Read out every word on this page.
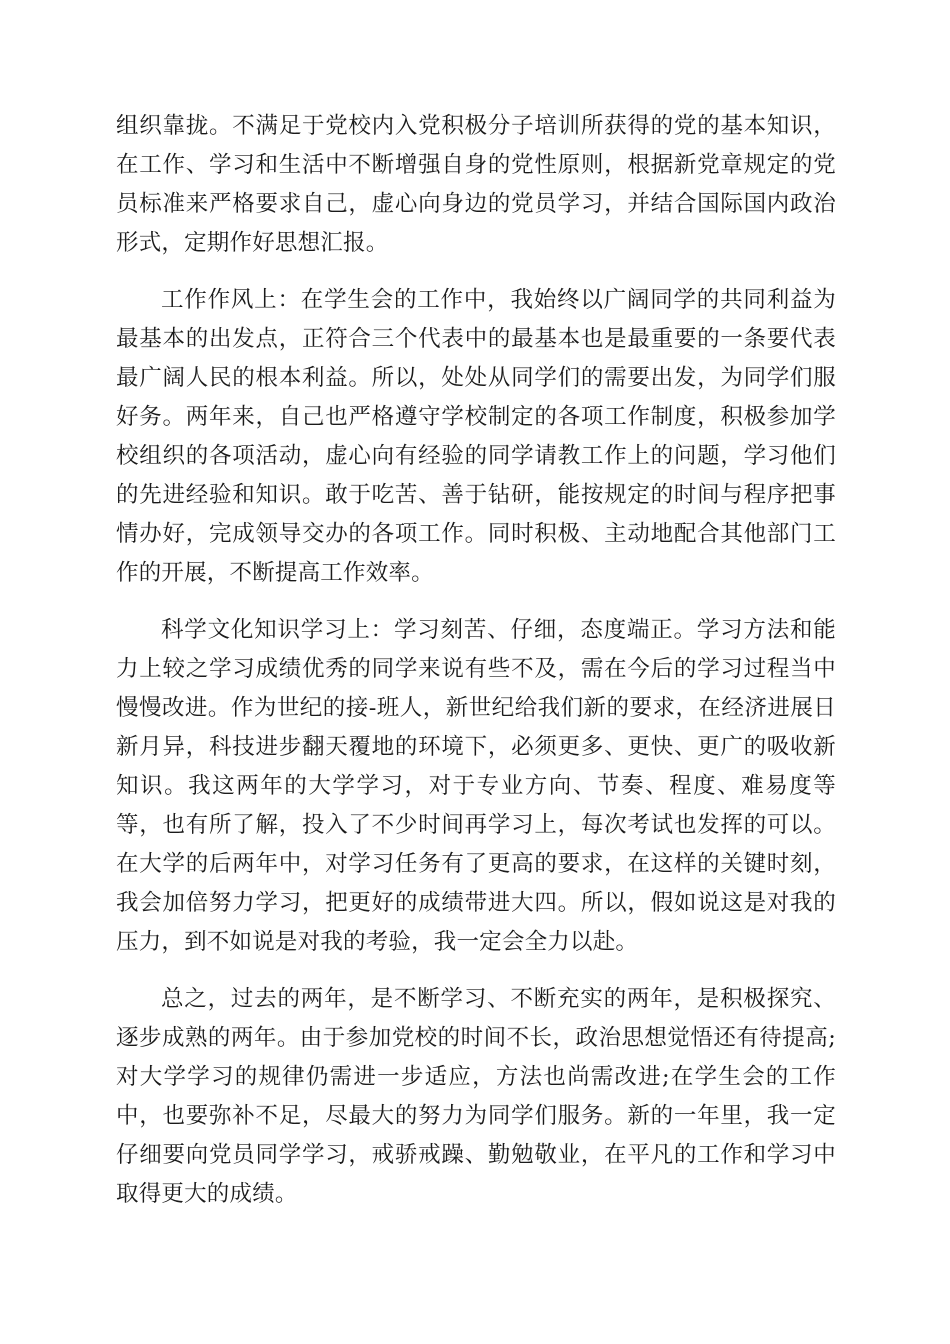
组织靠拢。不满足于党校内入党积极分子培训所获得的党的基本知识，在工作、学习和生活中不断增强自身的党性原则，根据新党章规定的党员标准来严格要求自己，虚心向身边的党员学习，并结合国际国内政治形式，定期作好思想汇报。

工作作风上：在学生会的工作中，我始终以广阔同学的共同利益为最基本的出发点，正符合三个代表中的最基本也是最重要的一条要代表最广阔人民的根本利益。所以，处处从同学们的需要出发，为同学们服好务。两年来，自己也严格遵守学校制定的各项工作制度，积极参加学校组织的各项活动，虚心向有经验的同学请教工作上的问题，学习他们的先进经验和知识。敢于吃苦、善于钻研，能按规定的时间与程序把事情办好，完成领导交办的各项工作。同时积极、主动地配合其他部门工作的开展，不断提高工作效率。

科学文化知识学习上：学习刻苦、仔细，态度端正。学习方法和能力上较之学习成绩优秀的同学来说有些不及，需在今后的学习过程当中慢慢改进。作为世纪的接-班人，新世纪给我们新的要求，在经济进展日新月异，科技进步翻天覆地的环境下，必须更多、更快、更广的吸收新知识。我这两年的大学学习，对于专业方向、节奏、程度、难易度等等，也有所了解，投入了不少时间再学习上，每次考试也发挥的可以。在大学的后两年中，对学习任务有了更高的要求，在这样的关键时刻，我会加倍努力学习，把更好的成绩带进大四。所以，假如说这是对我的压力，到不如说是对我的考验，我一定会全力以赴。

总之，过去的两年，是不断学习、不断充实的两年，是积极探究、逐步成熟的两年。由于参加党校的时间不长，政治思想觉悟还有待提高;对大学学习的规律仍需进一步适应，方法也尚需改进;在学生会的工作中，也要弥补不足，尽最大的努力为同学们服务。新的一年里，我一定仔细要向党员同学学习，戒骄戒躁、勤勉敬业，在平凡的工作和学习中取得更大的成绩。
